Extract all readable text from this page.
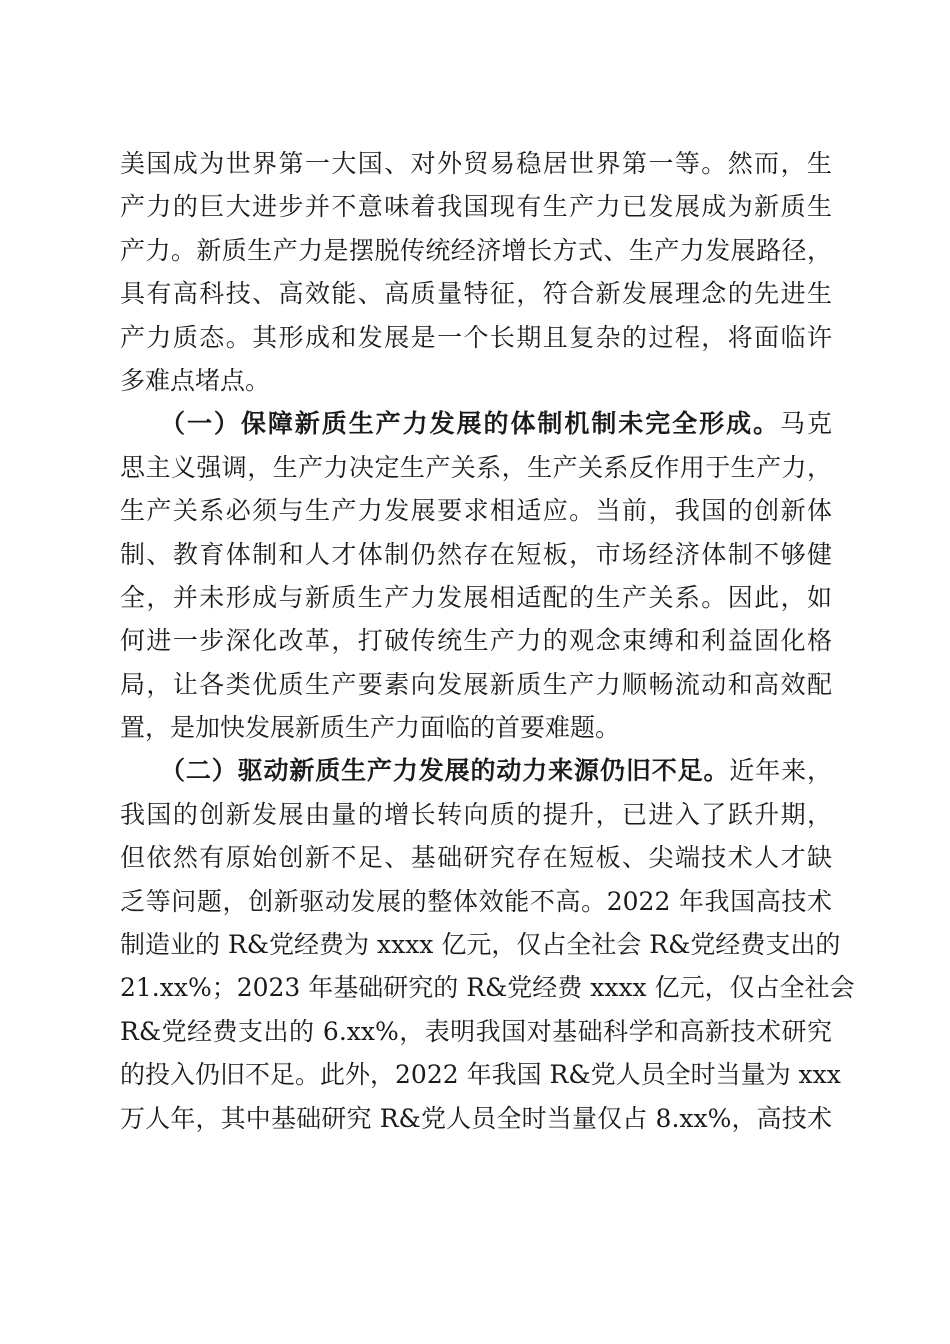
美国成为世界第一大国、对外贸易稳居世界第一等。然而，生
产力的巨大进步并不意味着我国现有生产力已发展成为新质生
产力。新质生产力是摆脱传统经济增长方式、生产力发展路径，
具有高科技、高效能、高质量特征，符合新发展理念的先进生
产力质态。其形成和发展是一个长期且复杂的过程，将面临许
多难点堵点。
（一）保障新质生产力发展的体制机制未完全形成。马克
思主义强调，生产力决定生产关系，生产关系反作用于生产力，
生产关系必须与生产力发展要求相适应。当前，我国的创新体
制、教育体制和人才体制仍然存在短板，市场经济体制不够健
全，并未形成与新质生产力发展相适配的生产关系。因此，如
何进一步深化改革，打破传统生产力的观念束缚和利益固化格
局，让各类优质生产要素向发展新质生产力顺畅流动和高效配
置，是加快发展新质生产力面临的首要难题。
（二）驱动新质生产力发展的动力来源仍旧不足。近年来，
我国的创新发展由量的增长转向质的提升，已进入了跃升期，
但依然有原始创新不足、基础研究存在短板、尖端技术人才缺
乏等问题，创新驱动发展的整体效能不高。2022 年我国高技术
制造业的 R&党经费为 xxxx 亿元，仅占全社会 R&党经费支出的
21.xx%；2023 年基础研究的 R&党经费 xxxx 亿元，仅占全社会
R&党经费支出的 6.xx%，表明我国对基础科学和高新技术研究
的投入仍旧不足。此外，2022 年我国 R&党人员全时当量为 xxx
万人年，其中基础研究 R&党人员全时当量仅占 8.xx%，高技术
